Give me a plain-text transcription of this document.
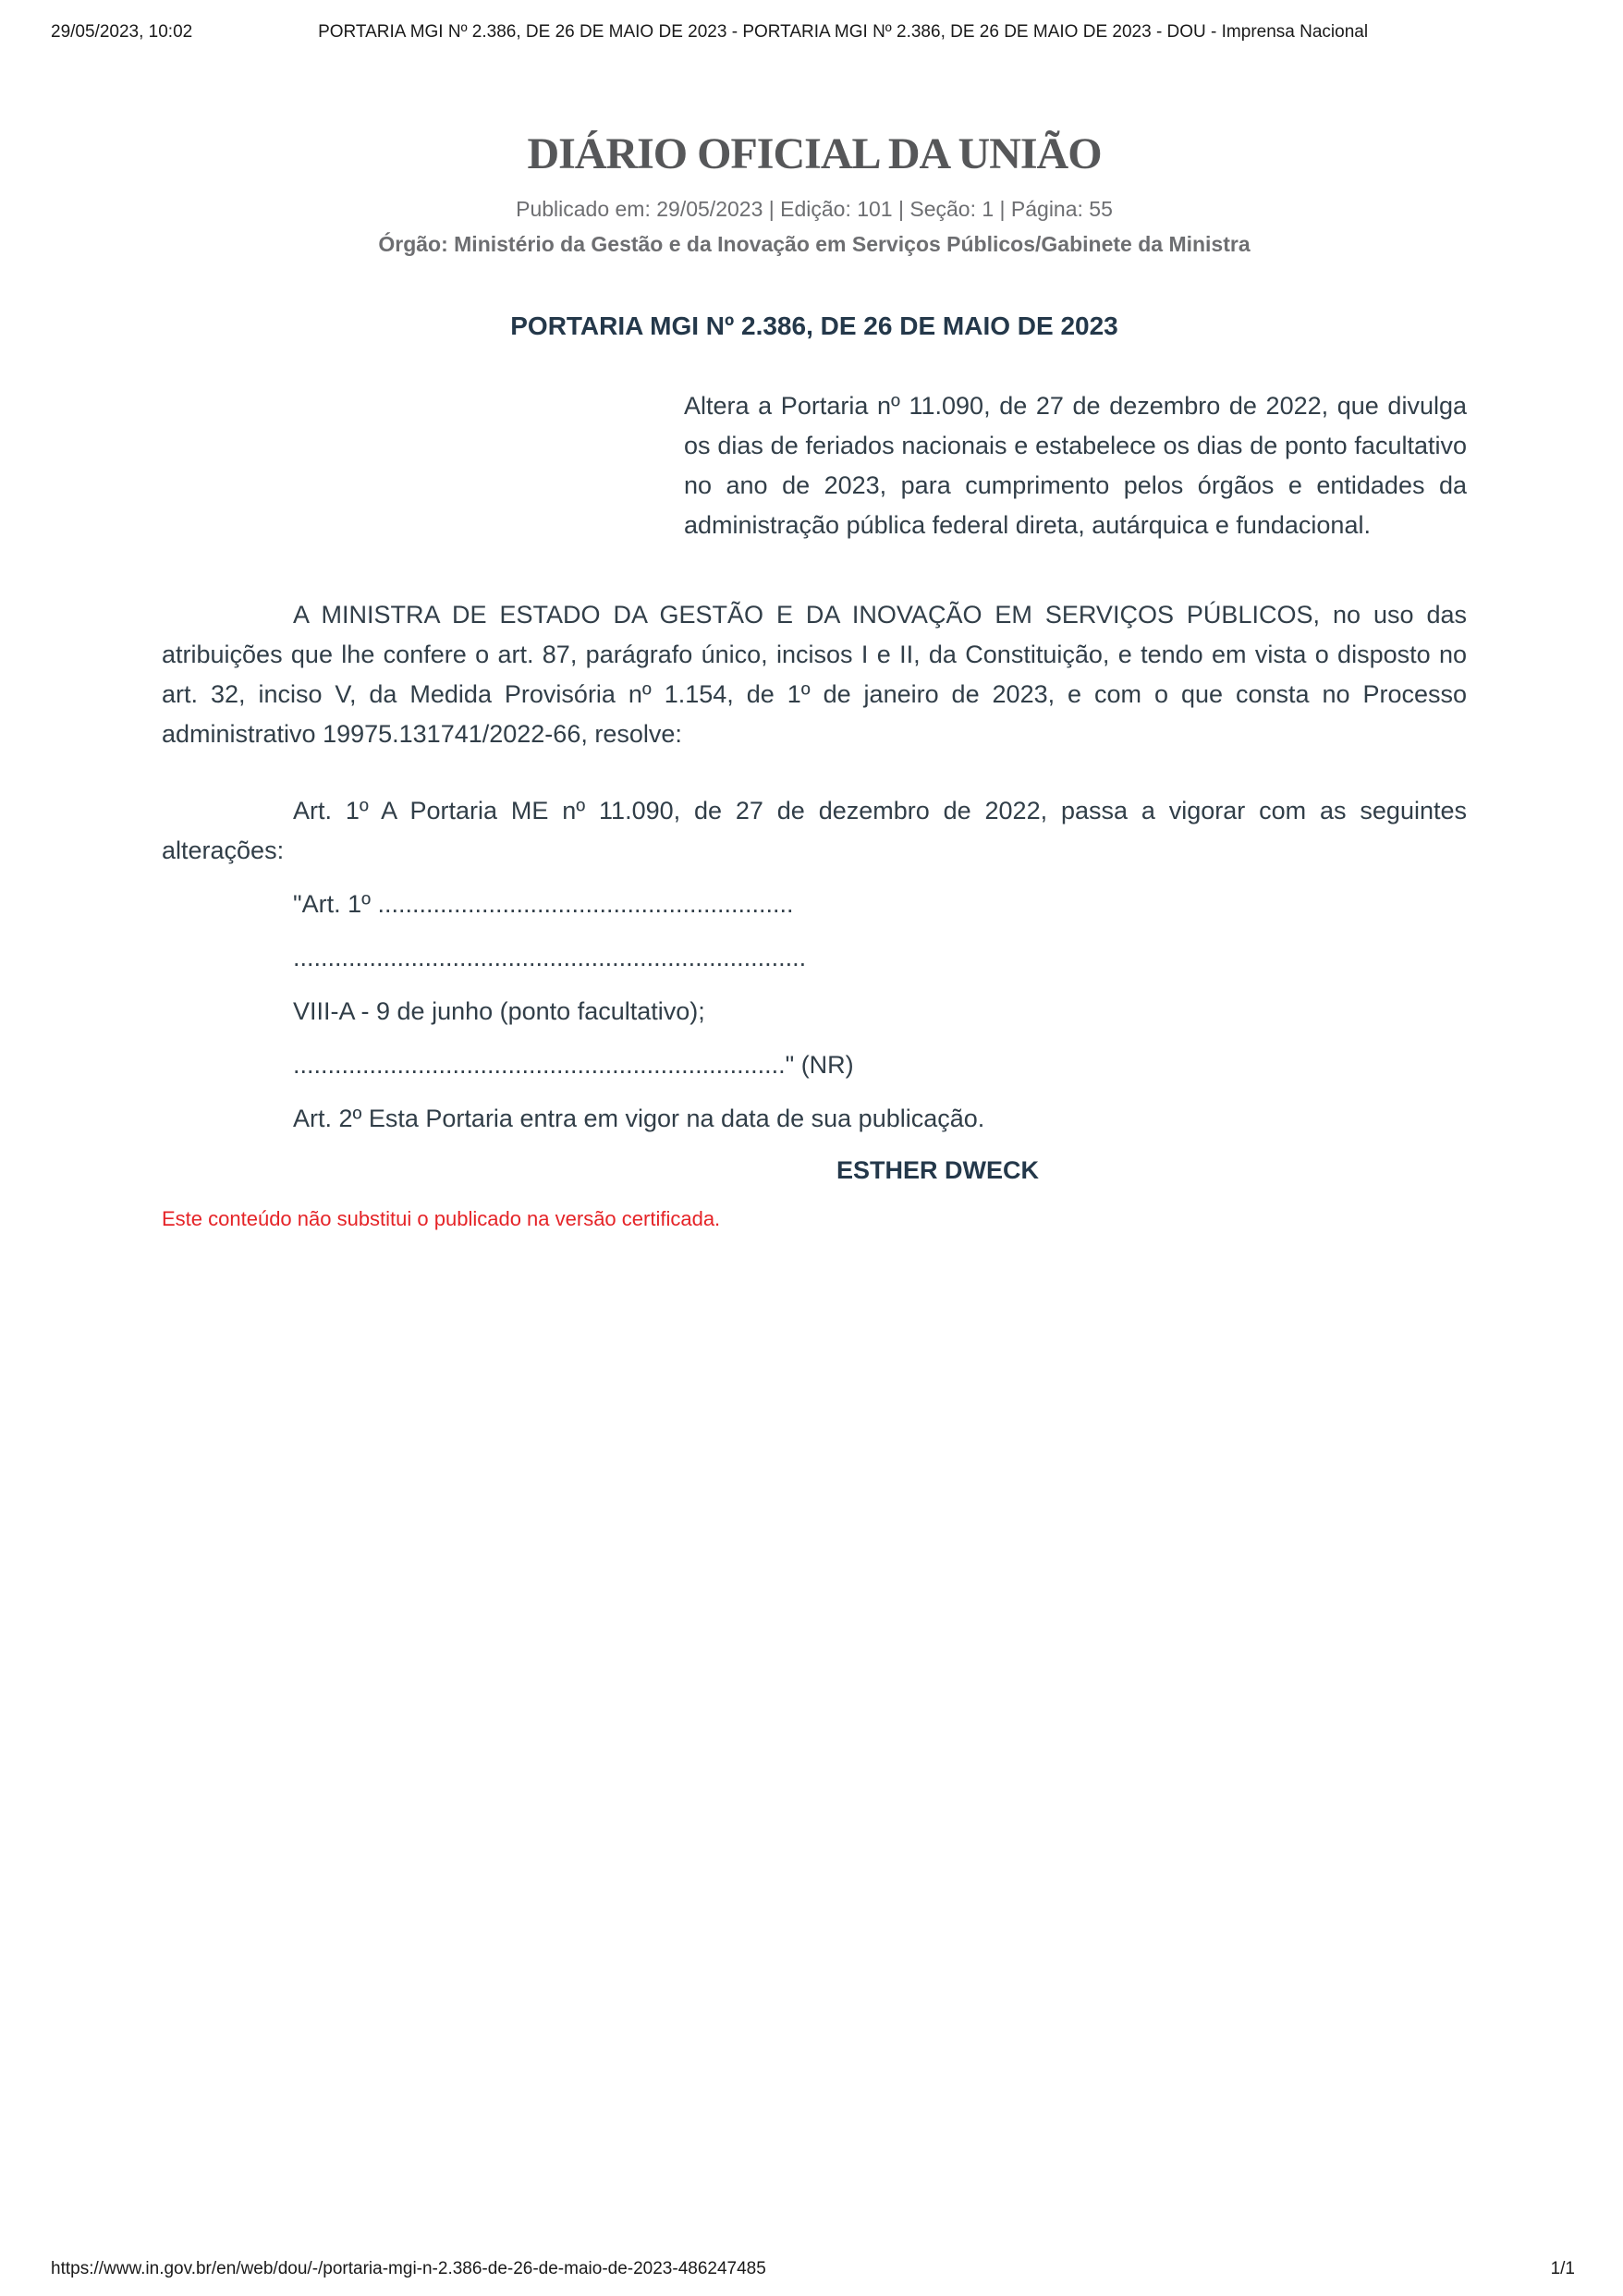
29/05/2023, 10:02	PORTARIA MGI Nº 2.386, DE 26 DE MAIO DE 2023 - PORTARIA MGI Nº 2.386, DE 26 DE MAIO DE 2023 - DOU - Imprensa Nacional
DIÁRIO OFICIAL DA UNIÃO

Publicado em: 29/05/2023 | Edição: 101 | Seção: 1 | Página: 55

Órgão: Ministério da Gestão e da Inovação em Serviços Públicos/Gabinete da Ministra

PORTARIA MGI Nº 2.386, DE 26 DE MAIO DE 2023

Altera a Portaria nº 11.090, de 27 de dezembro de 2022, que divulga os dias de feriados nacionais e estabelece os dias de ponto facultativo no ano de 2023, para cumprimento pelos órgãos e entidades da administração pública federal direta, autárquica e fundacional.

A MINISTRA DE ESTADO DA GESTÃO E DA INOVAÇÃO EM SERVIÇOS PÚBLICOS, no uso das atribuições que lhe confere o art. 87, parágrafo único, incisos I e II, da Constituição, e tendo em vista o disposto no art. 32, inciso V, da Medida Provisória nº 1.154, de 1º de janeiro de 2023, e com o que consta no Processo administrativo 19975.131741/2022-66, resolve:

Art. 1º A Portaria ME nº 11.090, de 27 de dezembro de 2022, passa a vigorar com as seguintes alterações:

"Art. 1º ............................................................

..........................................................................

VIII-A - 9 de junho (ponto facultativo);

......................................................................." (NR)

Art. 2º Esta Portaria entra em vigor na data de sua publicação.

ESTHER DWECK

Este conteúdo não substitui o publicado na versão certificada.

https://www.in.gov.br/en/web/dou/-/portaria-mgi-n-2.386-de-26-de-maio-de-2023-486247485	1/1
